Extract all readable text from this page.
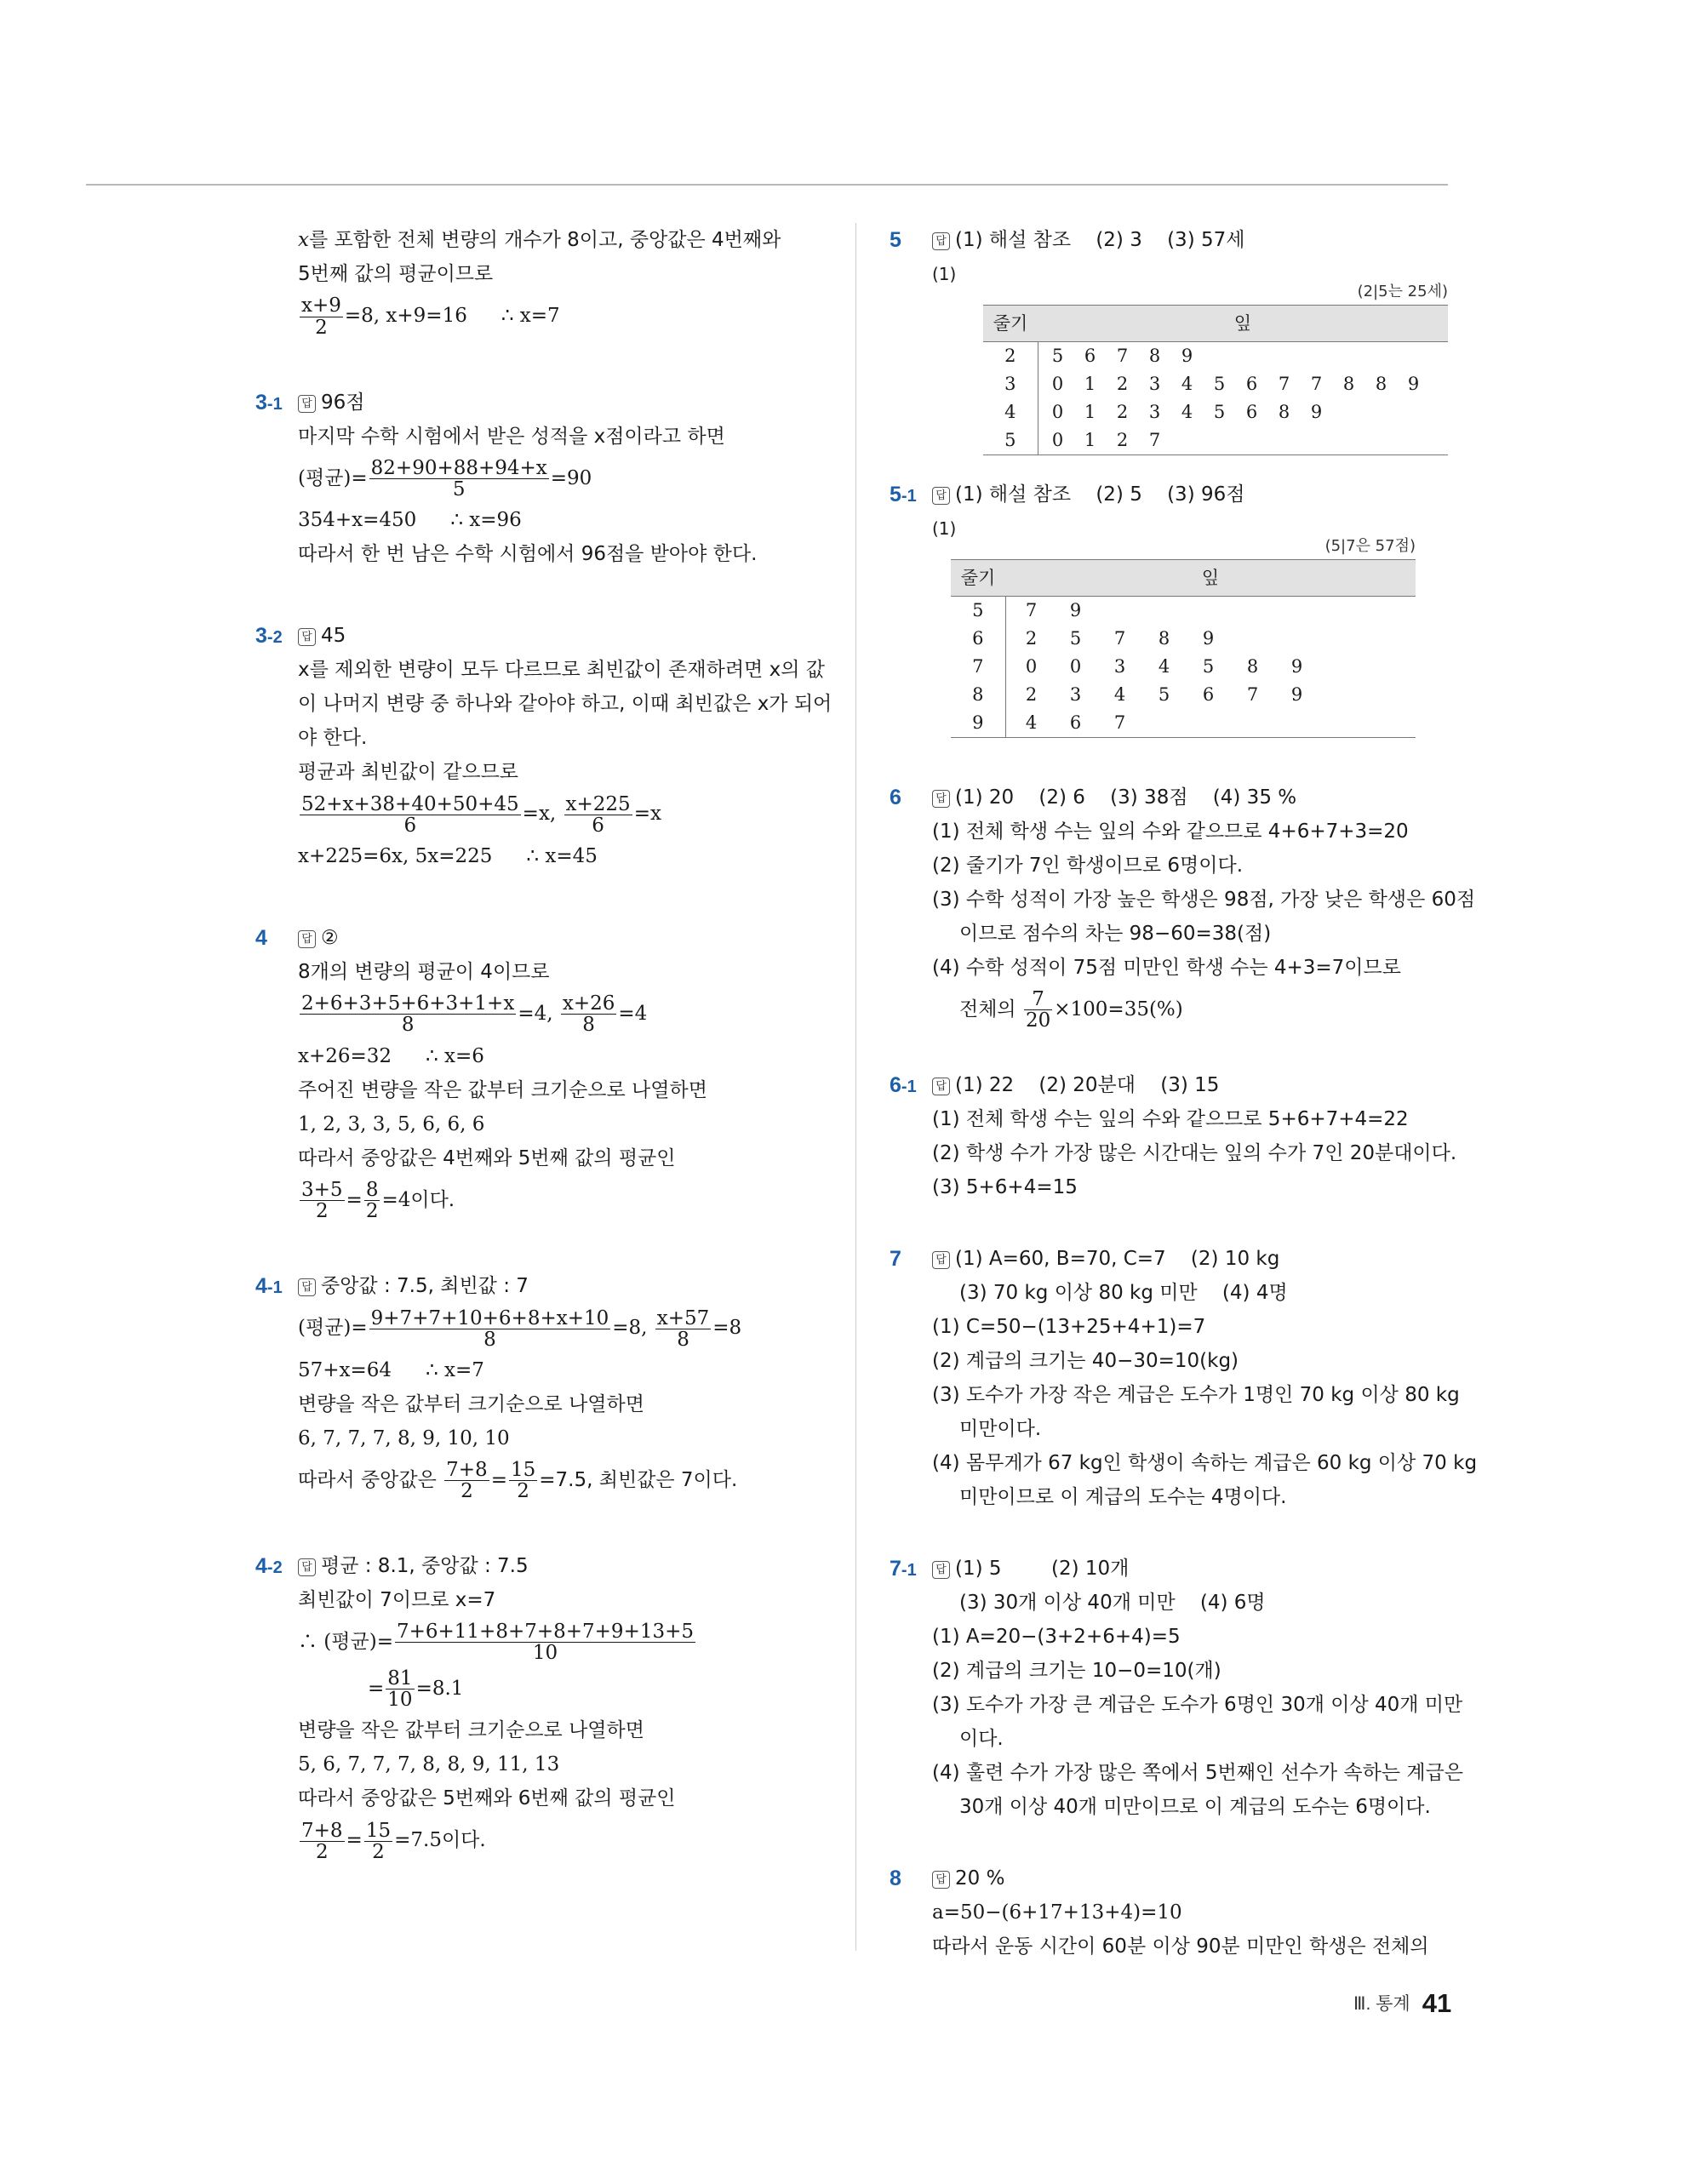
x를 포함한 전체 변량의 개수가 8이고, 중앙값은 4번째와
5번째 값의 평균이므로
$\frac{x+9}{2} =8$, x+9=16 ∴ x=7
3-1	답 96점
마지막 수학 시험에서 받은 성적을 x점이라고 하면
(평균)= $\frac{82+90+88+94+x}{5} =90$
354+x=450 ∴ x=96
따라서 한 번 남은 수학 시험에서 96점을 받아야 한다.
3-2	답 45
x를 제외한 변량이 모두 다르므로 최빈값이 존재하려면 x의 값
이 나머지 변량 중 하나와 같아야 하고, 이때 최빈값은 x가 되어
야 한다.
평균과 최빈값이 같으므로
$\frac{52+x+38+40+50+45}{6} =x$, $\frac{x+225}{6} =x$
x+225=6x, 5x=225 ∴ x=45
4	답 ②
8개의 변량의 평균이 4이므로
$\frac{2+6+3+5+6+3+1+x}{8} =4$, $\frac{x+26}{8} =4$
x+26=32 ∴ x=6
주어진 변량을 작은 값부터 크기순으로 나열하면
1, 2, 3, 3, 5, 6, 6, 6
따라서 중앙값은 4번째와 5번째 값의 평균인
$\frac{3+5}{2} = \frac{8}{2} =4$이다.
4-1	답 중앙값 : 7.5, 최빈값 : 7
(평균)= $\frac{9+7+7+10+6+8+x+10}{8} =8$, $\frac{x+57}{8} =8$
57+x=64 ∴ x=7
변량을 작은 값부터 크기순으로 나열하면
6, 7, 7, 7, 8, 9, 10, 10
따라서 중앙값은 $\frac{7+8}{2} = \frac{15}{2} =7.5$, 최빈값은 7이다.
4-2	답 평균 : 8.1, 중앙값 : 7.5
최빈값이 7이므로 x=7
∴ (평균)= $\frac{7+6+11+8+7+8+7+9+13+5}{10}$
= $\frac{81}{10} =8.1$
변량을 작은 값부터 크기순으로 나열하면
5, 6, 7, 7, 7, 8, 8, 9, 11, 13
따라서 중앙값은 5번째와 6번째 값의 평균인
$\frac{7+8}{2} = \frac{15}{2} =7.5$이다.
5	답 (1) 해설 참조    (2) 3    (3) 57세
(1)
(2|5는 25세)
줄기	잎
2	5 6 7 8 9
3	0 1 2 3 4 5 6 7 7 8 8 9
4	0 1 2 3 4 5 6 8 9
5	0 1 2 7
5-1	답 (1) 해설 참조    (2) 5    (3) 96점
(1)
(5|7은 57점)
줄기	잎
5	7 9
6	2 5 7 8 9
7	0 0 3 4 5 8 9
8	2 3 4 5 6 7 9
9	4 6 7
6	답 (1) 20    (2) 6    (3) 38점    (4) 35 %
(1) 전체 학생 수는 잎의 수와 같으므로 4+6+7+3=20
(2) 줄기가 7인 학생이므로 6명이다.
(3) 수학 성적이 가장 높은 학생은 98점, 가장 낮은 학생은 60점
이므로 점수의 차는 98−60=38(점)
(4) 수학 성적이 75점 미만인 학생 수는 4+3=7이므로
전체의 $\frac{7}{20} \times 100=35(\%)$
6-1	답 (1) 22    (2) 20분대    (3) 15
(1) 전체 학생 수는 잎의 수와 같으므로 5+6+7+4=22
(2) 학생 수가 가장 많은 시간대는 잎의 수가 7인 20분대이다.
(3) 5+6+4=15
7	답 (1) A=60, B=70, C=7    (2) 10 kg
(3) 70 kg 이상 80 kg 미만    (4) 4명
(1) C=50−(13+25+4+1)=7
(2) 계급의 크기는 40−30=10(kg)
(3) 도수가 가장 작은 계급은 도수가 1명인 70 kg 이상 80 kg
미만이다.
(4) 몸무게가 67 kg인 학생이 속하는 계급은 60 kg 이상 70 kg
미만이므로 이 계급의 도수는 4명이다.
7-1	답 (1) 5        (2) 10개
(3) 30개 이상 40개 미만    (4) 6명
(1) A=20−(3+2+6+4)=5
(2) 계급의 크기는 10−0=10(개)
(3) 도수가 가장 큰 계급은 도수가 6명인 30개 이상 40개 미만
이다.
(4) 훌련 수가 가장 많은 쪽에서 5번째인 선수가 속하는 계급은
30개 이상 40개 미만이므로 이 계급의 도수는 6명이다.
8	답 20 %
a=50−(6+17+13+4)=10
따라서 운동 시간이 60분 이상 90분 미만인 학생은 전체의
Ⅲ. 통계 41
